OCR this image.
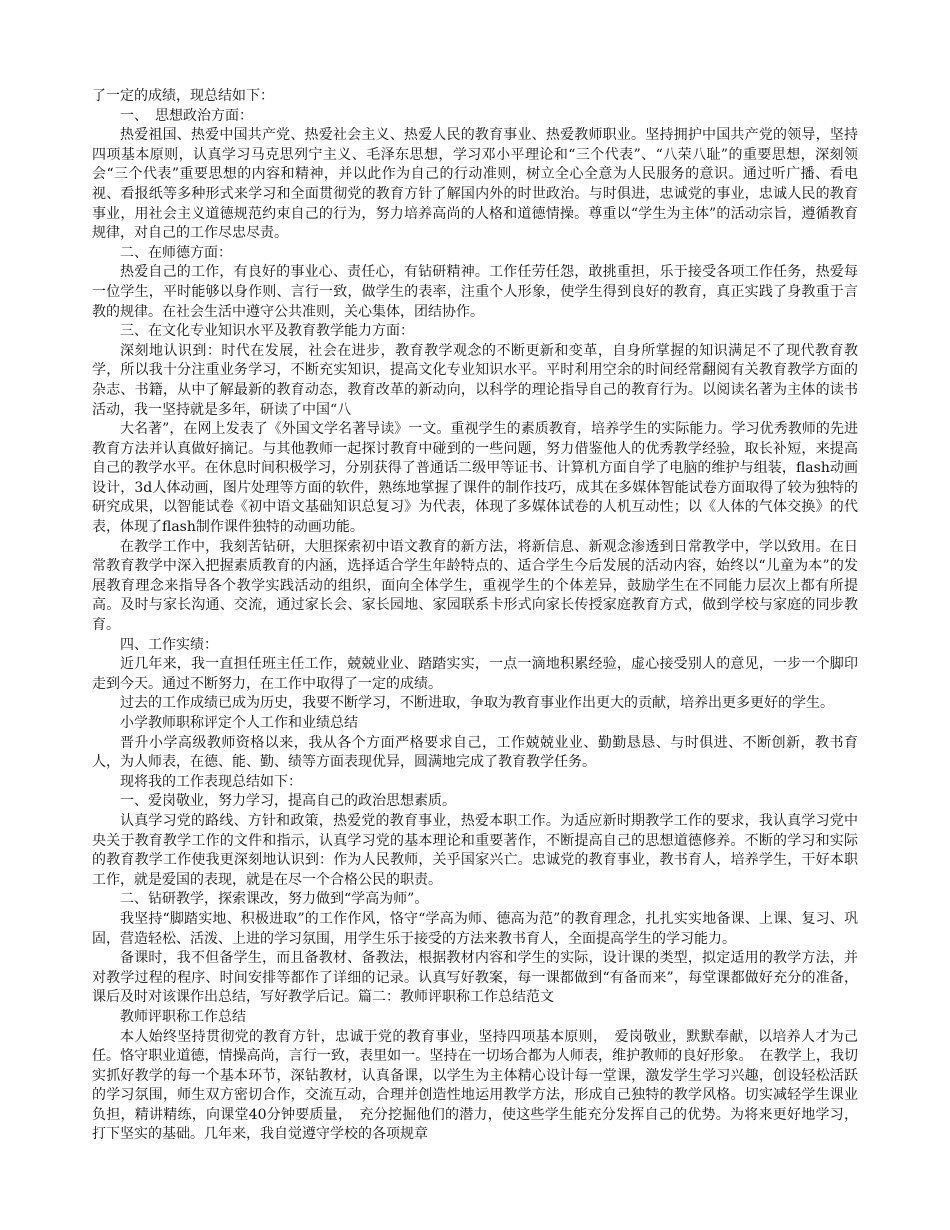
了一定的成绩，现总结如下：

一、　思想政治方面：

热爱祖国、热爱中国共产党、热爱社会主义、热爱人民的教育事业、热爱教师职业。坚持拥护中国共产党的领导，坚持四项基本原则，认真学习马克思列宁主义、毛泽东思想，学习邓小平理论和“三个代表”、“八荣八耻”的重要思想，深刻领会“三个代表”重要思想的内容和精神，并以此作为自己的行动准则，树立全心全意为人民服务的意识。通过听广播、看电视、看报纸等多种形式来学习和全面贯彻党的教育方针了解国内外的时世政治。与时俱进，忠诚党的事业，忠诚人民的教育事业，用社会主义道德规范约束自己的行为，努力培养高尚的人格和道德情操。尊重以“学生为主体”的活动宗旨，遵循教育规律，对自己的工作尽忠尽责。

二、在师德方面：

热爱自己的工作，有良好的事业心、责任心，有钻研精神。工作任劳任怨，敢挑重担，乐于接受各项工作任务，热爱每一位学生，平时能够以身作则、言行一致，做学生的表率，注重个人形象，使学生得到良好的教育，真正实践了身教重于言教的规律。在社会生活中遵守公共准则，关心集体，团结协作。

三、在文化专业知识水平及教育教学能力方面：

深刻地认识到：时代在发展，社会在进步，教育教学观念的不断更新和变革，自身所掌握的知识满足不了现代教育教学，所以我十分注重业务学习，不断充实知识，提高文化专业知识水平。平时利用空余的时间经常翻阅有关教育教学方面的杂志、书籍，从中了解最新的教育动态，教育改革的新动向，以科学的理论指导自己的教育行为。以阅读名著为主体的读书活动，我一坚持就是多年，研读了中国“八

大名著”，在网上发表了《外国文学名著导读》一文。重视学生的素质教育，培养学生的实际能力。学习优秀教师的先进教育方法并认真做好摘记。与其他教师一起探讨教育中碰到的一些问题，努力借鉴他人的优秀教学经验，取长补短，来提高自己的教学水平。在休息时间积极学习，分别获得了普通话二级甲等证书、计算机方面自学了电脑的维护与组装，flash动画设计，3d人体动画，图片处理等方面的软件，熟练地掌握了课件的制作技巧，成其在多媒体智能试卷方面取得了较为独特的研究成果，以智能试卷《初中语文基础知识总复习》为代表，体现了多媒体试卷的人机互动性；以《人体的气体交换》的代表，体现了flash制作课件独特的动画功能。

在教学工作中，我刻苦钻研，大胆探索初中语文教育的新方法，将新信息、新观念渗透到日常教学中，学以致用。在日常教育教学中深入把握素质教育的内涵，选择适合学生年龄特点的、适合学生今后发展的活动内容，始终以“儿童为本”的发展教育理念来指导各个教学实践活动的组织，面向全体学生，重视学生的个体差异，鼓励学生在不同能力层次上都有所提高。及时与家长沟通、交流，通过家长会、家长园地、家园联系卡形式向家长传授家庭教育方式，做到学校与家庭的同步教育。

四、工作实绩：

近几年来，我一直担任班主任工作，兢兢业业、踏踏实实，一点一滴地积累经验，虚心接受别人的意见，一步一个脚印走到今天。通过不断努力，在工作中取得了一定的成绩。

过去的工作成绩已成为历史，我要不断学习，不断进取，争取为教育事业作出更大的贡献，培养出更多更好的学生。

小学教师职称评定个人工作和业绩总结

晋升小学高级教师资格以来，我从各个方面严格要求自己，工作兢兢业业、勤勤恳恳、与时俱进、不断创新，教书育人，为人师表，在德、能、勤、绩等方面表现优异，圆满地完成了教育教学任务。

现将我的工作表现总结如下：

一、爱岗敬业，努力学习，提高自己的政治思想素质。

认真学习党的路线、方针和政策，热爱党的教育事业，热爱本职工作。为适应新时期教学工作的要求，我认真学习党中央关于教育教学工作的文件和指示，认真学习党的基本理论和重要著作，不断提高自己的思想道德修养。不断的学习和实际的教育教学工作使我更深刻地认识到：作为人民教师，关乎国家兴亡。忠诚党的教育事业，教书育人，培养学生，干好本职工作，就是爱国的表现，就是在尽一个合格公民的职责。

二、钻研教学，探索课改，努力做到“学高为师”。

我坚持“脚踏实地、积极进取”的工作作风，恪守“学高为师、德高为范”的教育理念，扎扎实实地备课、上课、复习、巩固，营造轻松、活泼、上进的学习氛围，用学生乐于接受的方法来教书育人，全面提高学生的学习能力。

备课时，我不但备学生，而且备教材、备教法，根据教材内容和学生的实际，设计课的类型，拟定适用的教学方法，并对教学过程的程序、时间安排等都作了详细的记录。认真写好教案，每一课都做到“有备而来”，每堂课都做好充分的准备，课后及时对该课作出总结，写好教学后记。篇二：教师评职称工作总结范文

教师评职称工作总结

本人始终坚持贯彻党的教育方针，忠诚于党的教育事业，坚持四项基本原则，　爱岗敬业，默默奉献，以培养人才为己任。恪守职业道德，情操高尚，言行一致，表里如一。坚持在一切场合都为人师表，维护教师的良好形象。　在教学上，我切实抓好教学的每一个基本环节，深钻教材，认真备课，以学生为主体精心设计每一堂课，激发学生学习兴趣，创设轻松活跃的学习氛围，师生双方密切合作，交流互动，合理并创造性地运用教学方法，形成自己独特的教学风格。切实减轻学生课业负担，精讲精练，向课堂40分钟要质量，　充分挖掘他们的潜力，使这些学生能充分发挥自己的优势。为将来更好地学习，打下坚实的基础。几年来，我自觉遵守学校的各项规章
